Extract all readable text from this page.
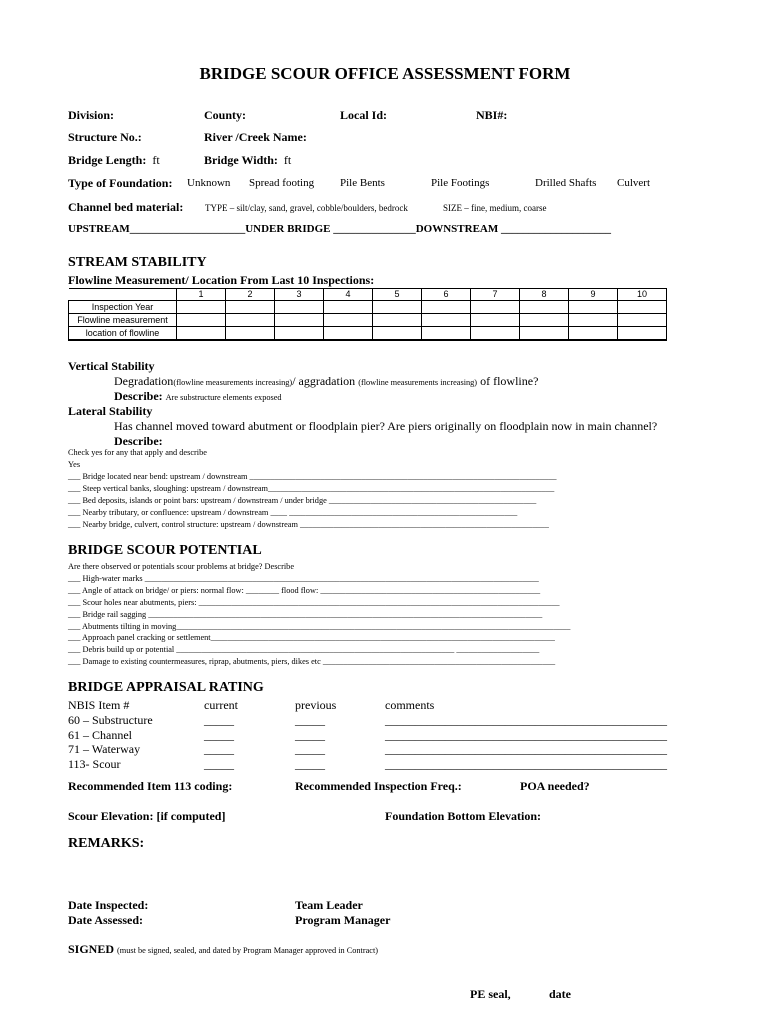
BRIDGE SCOUR OFFICE ASSESSMENT FORM
Division:	County:	Local Id:	NBI#:
Structure No.:	River /Creek Name:
Bridge Length: ft	Bridge Width: ft
Type of Foundation: Unknown Spread footing Pile Bents	Pile Footings	Drilled Shafts Culvert
Channel bed material: TYPE – silt/clay, sand, gravel, cobble/boulders, bedrock	SIZE – fine, medium, coarse
UPSTREAM_____________________UNDER BRIDGE _______________DOWNSTREAM ____________________
STREAM STABILITY
Flowline Measurement/ Location From Last 10 Inspections:
	1	2	3	4	5	6	7	8	9	10
Inspection Year										
Flowline measurement										
location of flowline										
Vertical Stability
Degradation(flowline measurements increasing)/ aggradation (flowline measurements increasing) of flowline?
Describe: Are substructure elements exposed
Lateral Stability
Has channel moved toward abutment or floodplain pier? Are piers originally on floodplain now in main channel?
Describe:
Check yes for any that apply and describe
Yes
___ Bridge located near bend: upstream / downstream __________________________________________________________________________
___ Steep vertical banks, sloughing: upstream / downstream_____________________________________________________________________
___ Bed deposits, islands or point bars: upstream / downstream / under bridge __________________________________________________
___ Nearby tributary, or confluence: upstream / downstream ____ _______________________________________________________
___ Nearby bridge, culvert, control structure: upstream / downstream ____________________________________________________________
BRIDGE SCOUR POTENTIAL
Are there observed or potentials scour problems at bridge? Describe
___ High-water marks _______________________________________________________________________________________________
___ Angle of attack on bridge/ or piers: normal flow: ________ flood flow: _____________________________________________________
___ Scour holes near abutments, piers: _______________________________________________________________________________________
___ Bridge rail sagging _______________________________________________________________________________________________
___ Abutments tilting in moving_______________________________________________________________________________________________
___ Approach panel cracking or settlement___________________________________________________________________________________
___ Debris build up or potential ___________________________________________________________________ ____________________
___ Damage to existing countermeasures, riprap, abutments, piers, dikes etc ________________________________________________________
BRIDGE APPRAISAL RATING
NBIS Item #	current	previous	comments
60 – Substructure	_____	_____	_______________________________________________
61 – Channel	_____	_____	_______________________________________________
71 – Waterway	_____	_____	_______________________________________________
113- Scour	_____	_____	_______________________________________________
Recommended Item 113 coding:	Recommended Inspection Freq.:	POA needed?
Scour Elevation: [if computed]	Foundation Bottom Elevation:
REMARKS:
Date Inspected:
Date Assessed:
Team Leader
Program Manager
SIGNED (must be signed, sealed, and dated by Program Manager approved in Contract)
PE seal,	date
